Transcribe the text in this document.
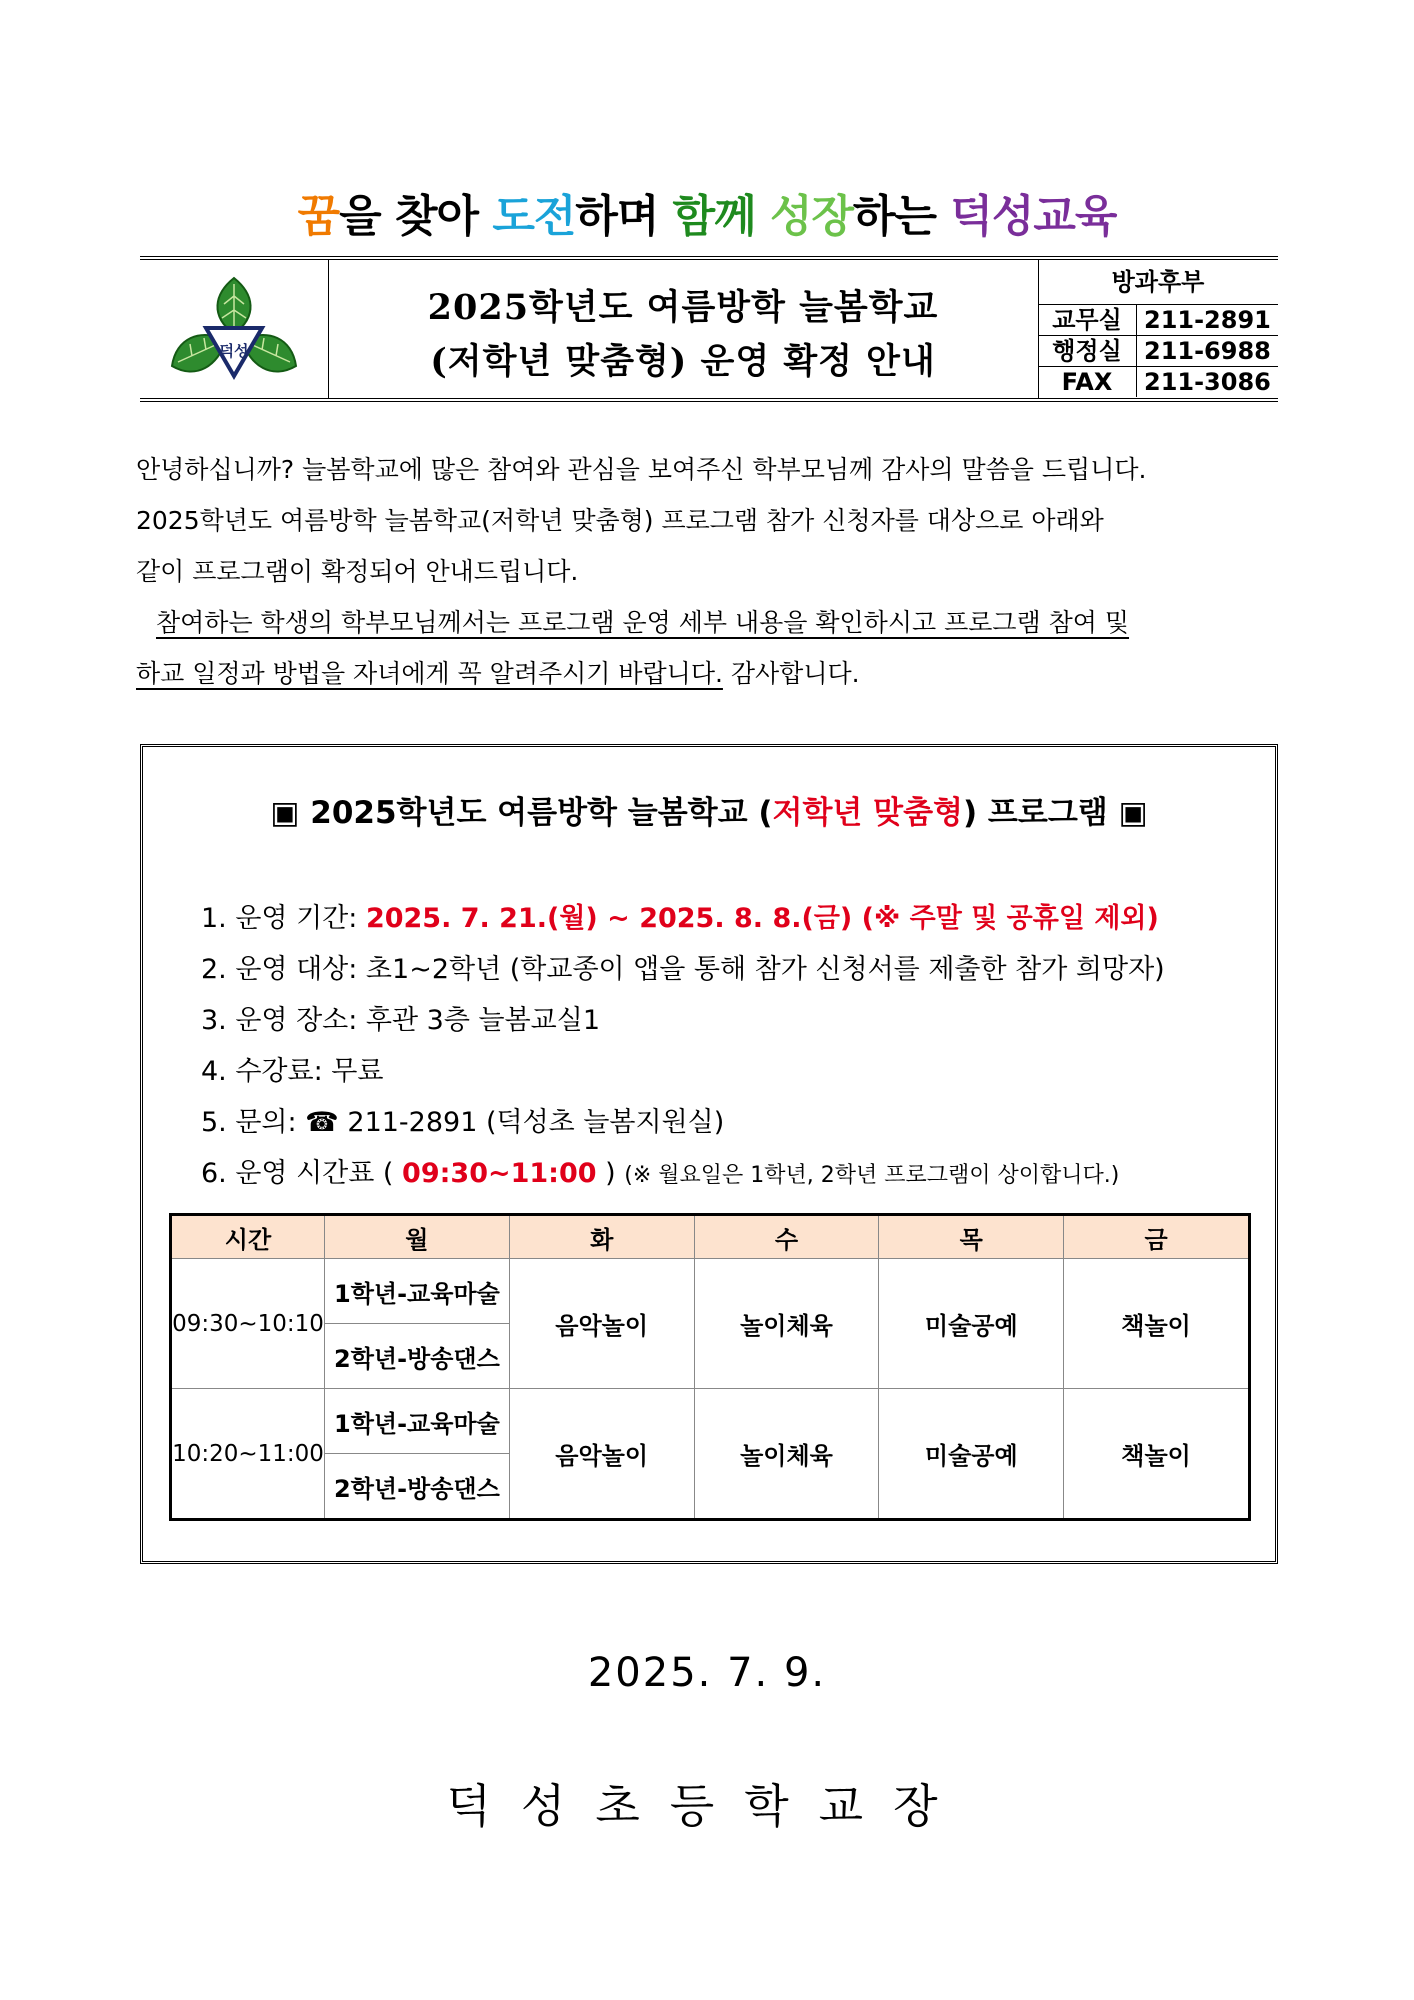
꿈을 찾아 도전하며 함께 성장하는 덕성교육
덕성
2025학년도 여름방학 늘봄학교
(저학년 맞춤형) 운영 확정 안내
방과후부
교무실 211-2891
행정실 211-6988
FAX	211-3086
안녕하십니까? 늘봄학교에 많은 참여와 관심을 보여주신 학부모님께 감사의 말씀을 드립니다.
2025학년도 여름방학 늘봄학교(저학년 맞춤형) 프로그램 참가 신청자를 대상으로 아래와
같이 프로그램이 확정되어 안내드립니다.
참여하는 학생의 학부모님께서는 프로그램 운영 세부 내용을 확인하시고 프로그램 참여 및
하교 일정과 방법을 자녀에게 꼭 알려주시기 바랍니다. 감사합니다.
▣ 2025학년도 여름방학 늘봄학교 (저학년 맞춤형) 프로그램 ▣
1. 운영 기간: 2025. 7. 21.(월) ~ 2025. 8. 8.(금) (※ 주말 및 공휴일 제외)
2. 운영 대상: 초1~2학년 (학교종이 앱을 통해 참가 신청서를 제출한 참가 희망자)
3. 운영 장소: 후관 3층 늘봄교실1
4. 수강료: 무료
5. 문의: ☎ 211-2891 (덕성초 늘봄지원실)
6. 운영 시간표 ( 09:30~11:00 ) (※ 월요일은 1학년, 2학년 프로그램이 상이합니다.)
시간	월	화	수	목	금
09:30~10:10	1학년-교육마술	음악놀이	놀이체육	미술공예	책놀이
	2학년-방송댄스				
10:20~11:00	1학년-교육마술	음악놀이	놀이체육	미술공예	책놀이
	2학년-방송댄스				
2025. 7. 9.
덕성초등학교장
